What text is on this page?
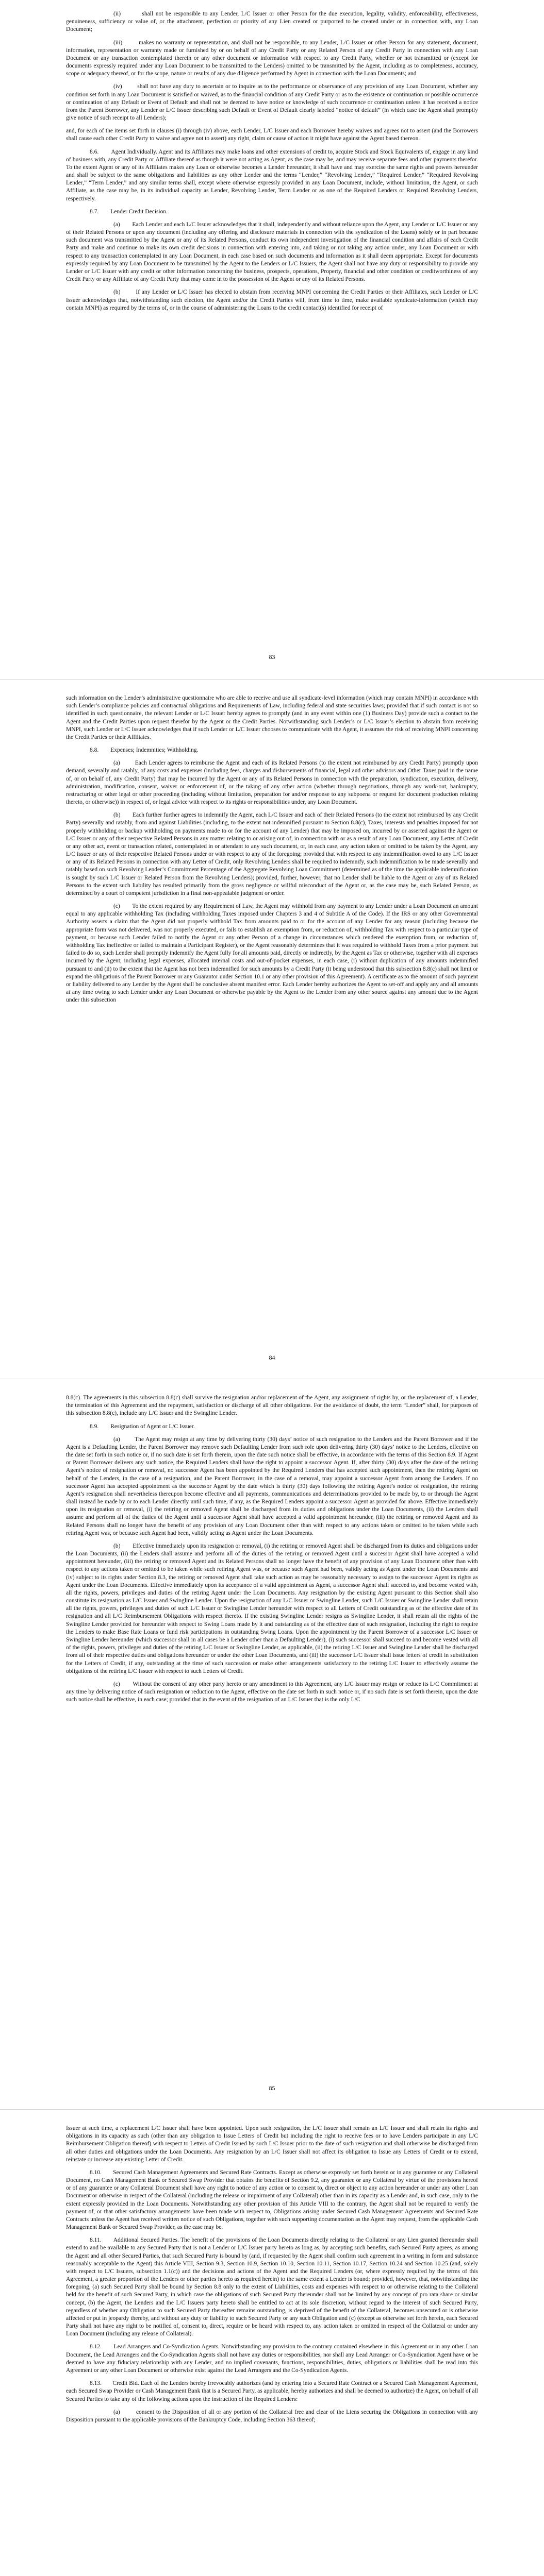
(ii)         shall not be responsible to any Lender, L/C Issuer or other Person for the due execution, legality, validity, enforceability, effectiveness, genuineness, sufficiency or value of, or the attachment, perfection or priority of any Lien created or purported to be created under or in connection with, any Loan Document;

(iii)        makes no warranty or representation, and shall not be responsible, to any Lender, L/C Issuer or other Person for any statement, document, information, representation or warranty made or furnished by or on behalf of any Credit Party or any Related Person of any Credit Party in connection with any Loan Document or any transaction contemplated therein or any other document or information with respect to any Credit Party, whether or not transmitted or (except for documents expressly required under any Loan Document to be transmitted to the Lenders) omitted to be transmitted by the Agent, including as to completeness, accuracy, scope or adequacy thereof, or for the scope, nature or results of any due diligence performed by Agent in connection with the Loan Documents; and

(iv)        shall not have any duty to ascertain or to inquire as to the performance or observance of any provision of any Loan Document, whether any condition set forth in any Loan Document is satisfied or waived, as to the financial condition of any Credit Party or as to the existence or continuation or possible occurrence or continuation of any Default or Event of Default and shall not be deemed to have notice or knowledge of such occurrence or continuation unless it has received a notice from the Parent Borrower, any Lender or L/C Issuer describing such Default or Event of Default clearly labeled “notice of default” (in which case the Agent shall promptly give notice of such receipt to all Lenders);

and, for each of the items set forth in clauses (i) through (iv) above, each Lender, L/C Issuer and each Borrower hereby waives and agrees not to assert (and the Borrowers shall cause each other Credit Party to waive and agree not to assert) any right, claim or cause of action it might have against the Agent based thereon.

8.6.        Agent Individually. Agent and its Affiliates may make loans and other extensions of credit to, acquire Stock and Stock Equivalents of, engage in any kind of business with, any Credit Party or Affiliate thereof as though it were not acting as Agent, as the case may be, and may receive separate fees and other payments therefor. To the extent Agent or any of its Affiliates makes any Loan or otherwise becomes a Lender hereunder, it shall have and may exercise the same rights and powers hereunder and shall be subject to the same obligations and liabilities as any other Lender and the terms “Lender,” “Revolving Lender,” “Required Lender,” “Required Revolving Lender,” “Term Lender,” and any similar terms shall, except where otherwise expressly provided in any Loan Document, include, without limitation, the Agent, or such Affiliate, as the case may be, in its individual capacity as Lender, Revolving Lender, Term Lender or as one of the Required Lenders or Required Revolving Lenders, respectively.

8.7.        Lender Credit Decision.

(a)        Each Lender and each L/C Issuer acknowledges that it shall, independently and without reliance upon the Agent, any Lender or L/C Issuer or any of their Related Persons or upon any document (including any offering and disclosure materials in connection with the syndication of the Loans) solely or in part because such document was transmitted by the Agent or any of its Related Persons, conduct its own independent investigation of the financial condition and affairs of each Credit Party and make and continue to make its own credit decisions in connection with entering into, and taking or not taking any action under, any Loan Document or with respect to any transaction contemplated in any Loan Document, in each case based on such documents and information as it shall deem appropriate. Except for documents expressly required by any Loan Document to be transmitted by the Agent to the Lenders or L/C Issuers, the Agent shall not have any duty or responsibility to provide any Lender or L/C Issuer with any credit or other information concerning the business, prospects, operations, Property, financial and other condition or creditworthiness of any Credit Party or any Affiliate of any Credit Party that may come in to the possession of the Agent or any of its Related Persons.

(b)        If any Lender or L/C Issuer has elected to abstain from receiving MNPI concerning the Credit Parties or their Affiliates, such Lender or L/C Issuer acknowledges that, notwithstanding such election, the Agent and/or the Credit Parties will, from time to time, make available syndicate-information (which may contain MNPI) as required by the terms of, or in the course of administering the Loans to the credit contact(s) identified for receipt of

83

such information on the Lender’s administrative questionnaire who are able to receive and use all syndicate-level information (which may contain MNPI) in accordance with such Lender’s compliance policies and contractual obligations and Requirements of Law, including federal and state securities laws; provided that if such contact is not so identified in such questionnaire, the relevant Lender or L/C Issuer hereby agrees to promptly (and in any event within one (1) Business Day) provide such a contact to the Agent and the Credit Parties upon request therefor by the Agent or the Credit Parties. Notwithstanding such Lender’s or L/C Issuer’s election to abstain from receiving MNPI, such Lender or L/C Issuer acknowledges that if such Lender or L/C Issuer chooses to communicate with the Agent, it assumes the risk of receiving MNPI concerning the Credit Parties or their Affiliates.

8.8.        Expenses; Indemnities; Withholding.

(a)        Each Lender agrees to reimburse the Agent and each of its Related Persons (to the extent not reimbursed by any Credit Party) promptly upon demand, severally and ratably, of any costs and expenses (including fees, charges and disbursements of financial, legal and other advisors and Other Taxes paid in the name of, or on behalf of, any Credit Party) that may be incurred by the Agent or any of its Related Persons in connection with the preparation, syndication, execution, delivery, administration, modification, consent, waiver or enforcement of, or the taking of any other action (whether through negotiations, through any work-out, bankruptcy, restructuring or other legal or other proceeding (including without limitation, preparation for and/or response to any subpoena or request for document production relating thereto, or otherwise)) in respect of, or legal advice with respect to its rights or responsibilities under, any Loan Document.

(b)        Each further further agrees to indemnify the Agent, each L/C Issuer and each of their Related Persons (to the extent not reimbursed by any Credit Party) severally and ratably, from and against Liabilities (including, to the extent not indemnified pursuant to Section 8.8(c), Taxes, interests and penalties imposed for not properly withholding or backup withholding on payments made to or for the account of any Lender) that may be imposed on, incurred by or asserted against the Agent or L/C Issuer or any of their respective Related Persons in any matter relating to or arising out of, in connection with or as a result of any Loan Document, any Letter of Credit or any other act, event or transaction related, contemplated in or attendant to any such document, or, in each case, any action taken or omitted to be taken by the Agent, any L/C Issuer or any of their respective Related Persons under or with respect to any of the foregoing; provided that with respect to any indemnification owed to any L/C Issuer or any of its Related Persons in connection with any Letter of Credit, only Revolving Lenders shall be required to indemnify, such indemnification to be made severally and ratably based on such Revolving Lender’s Commitment Percentage of the Aggregate Revolving Loan Commitment (determined as of the time the applicable indemnification is sought by such L/C Issuer or Related Person from the Revolving Lenders); provided, further, however, that no Lender shall be liable to the Agent or any of its Related Persons to the extent such liability has resulted primarily from the gross negligence or willful misconduct of the Agent or, as the case may be, such Related Person, as determined by a court of competent jurisdiction in a final non-appealable judgment or order.

(c)        To the extent required by any Requirement of Law, the Agent may withhold from any payment to any Lender under a Loan Document an amount equal to any applicable withholding Tax (including withholding Taxes imposed under Chapters 3 and 4 of Subtitle A of the Code). If the IRS or any other Governmental Authority asserts a claim that the Agent did not properly withhold Tax from amounts paid to or for the account of any Lender for any reason (including because the appropriate form was not delivered, was not properly executed, or fails to establish an exemption from, or reduction of, withholding Tax with respect to a particular type of payment, or because such Lender failed to notify the Agent or any other Person of a change in circumstances which rendered the exemption from, or reduction of, withholding Tax ineffective or failed to maintain a Participant Register), or the Agent reasonably determines that it was required to withhold Taxes from a prior payment but failed to do so, such Lender shall promptly indemnify the Agent fully for all amounts paid, directly or indirectly, by the Agent as Tax or otherwise, together with all expenses incurred by the Agent, including legal expenses, allocated internal costs and out-of-pocket expenses, in each case, (i) without duplication of any amounts indemnified pursuant to and (ii) to the extent that the Agent has not been indemnified for such amounts by a Credit Party (it being understood that this subsection 8.8(c) shall not limit or expand the obligations of the Parent Borrower or any Guarantor under Section 10.1 or any other provision of this Agreement). A certificate as to the amount of such payment or liability delivered to any Lender by the Agent shall be conclusive absent manifest error. Each Lender hereby authorizes the Agent to set-off and apply any and all amounts at any time owing to such Lender under any Loan Document or otherwise payable by the Agent to the Lender from any other source against any amount due to the Agent under this subsection

84

8.8(c). The agreements in this subsection 8.8(c) shall survive the resignation and/or replacement of the Agent, any assignment of rights by, or the replacement of, a Lender, the termination of this Agreement and the repayment, satisfaction or discharge of all other obligations. For the avoidance of doubt, the term “Lender” shall, for purposes of this subsection 8.8(c), include any L/C Issuer and the Swingline Lender.

8.9.        Resignation of Agent or L/C Issuer.

(a)        The Agent may resign at any time by delivering thirty (30) days’ notice of such resignation to the Lenders and the Parent Borrower and if the Agent is a Defaulting Lender, the Parent Borrower may remove such Defaulting Lender from such role upon delivering thirty (30) days’ notice to the Lenders, effective on the date set forth in such notice or, if no such date is set forth therein, upon the date such notice shall be effective, in accordance with the terms of this Section 8.9. If Agent or Parent Borrower delivers any such notice, the Required Lenders shall have the right to appoint a successor Agent. If, after thirty (30) days after the date of the retiring Agent’s notice of resignation or removal, no successor Agent has been appointed by the Required Lenders that has accepted such appointment, then the retiring Agent on behalf of the Lenders, in the case of a resignation, and the Parent Borrower, in the case of a removal, may appoint a successor Agent from among the Lenders. If no successor Agent has accepted appointment as the successor Agent by the date which is thirty (30) days following the retiring Agent’s notice of resignation, the retiring Agent’s resignation shall nevertheless thereupon become effective and all payments, communications and determinations provided to be made by, to or through the Agent shall instead be made by or to each Lender directly until such time, if any, as the Required Lenders appoint a successor Agent as provided for above. Effective immediately upon its resignation or removal, (i) the retiring or removed Agent shall be discharged from its duties and obligations under the Loan Documents, (ii) the Lenders shall assume and perform all of the duties of the Agent until a successor Agent shall have accepted a valid appointment hereunder, (iii) the retiring or removed Agent and its Related Persons shall no longer have the benefit of any provision of any Loan Document other than with respect to any actions taken or omitted to be taken while such retiring Agent was, or because such Agent had been, validly acting as Agent under the Loan Documents.

(b)        Effective immediately upon its resignation or removal, (i) the retiring or removed Agent shall be discharged from its duties and obligations under the Loan Documents, (ii) the Lenders shall assume and perform all of the duties of the retiring or removed Agent until a successor Agent shall have accepted a valid appointment hereunder, (iii) the retiring or removed Agent and its Related Persons shall no longer have the benefit of any provision of any Loan Document other than with respect to any actions taken or omitted to be taken while such retiring Agent was, or because such Agent had been, validly acting as Agent under the Loan Documents and (iv) subject to its rights under Section 8.3, the retiring or removed Agent shall take such action as may be reasonably necessary to assign to the successor Agent its rights as Agent under the Loan Documents. Effective immediately upon its acceptance of a valid appointment as Agent, a successor Agent shall succeed to, and become vested with, all the rights, powers, privileges and duties of the retiring Agent under the Loan Documents. Any resignation by the existing Agent pursuant to this Section shall also constitute its resignation as L/C Issuer and Swingline Lender. Upon the resignation of any L/C Issuer or Swingline Lender, such L/C Issuer or Swingline Lender shall retain all the rights, powers, privileges and duties of such L/C Issuer or Swingline Lender hereunder with respect to all Letters of Credit outstanding as of the effective date of its resignation and all L/C Reimbursement Obligations with respect thereto. If the existing Swingline Lender resigns as Swingline Lender, it shall retain all the rights of the Swingline Lender provided for hereunder with respect to Swing Loans made by it and outstanding as of the effective date of such resignation, including the right to require the Lenders to make Base Rate Loans or fund risk participations in outstanding Swing Loans. Upon the appointment by the Parent Borrower of a successor L/C Issuer or Swingline Lender hereunder (which successor shall in all cases be a Lender other than a Defaulting Lender), (i) such successor shall succeed to and become vested with all of the rights, powers, privileges and duties of the retiring L/C Issuer or Swingline Lender, as applicable, (ii) the retiring L/C Issuer and Swingline Lender shall be discharged from all of their respective duties and obligations hereunder or under the other Loan Documents, and (iii) the successor L/C Issuer shall issue letters of credit in substitution for the Letters of Credit, if any, outstanding at the time of such succession or make other arrangements satisfactory to the retiring L/C Issuer to effectively assume the obligations of the retiring L/C Issuer with respect to such Letters of Credit.

(c)        Without the consent of any other party hereto or any amendment to this Agreement, any L/C Issuer may resign or reduce its L/C Commitment at any time by delivering notice of such resignation or reduction to the Agent, effective on the date set forth in such notice or, if no such date is set forth therein, upon the date such notice shall be effective, in each case; provided that in the event of the resignation of an L/C Issuer that is the only L/C

85

Issuer at such time, a replacement L/C Issuer shall have been appointed. Upon such resignation, the L/C Issuer shall remain an L/C Issuer and shall retain its rights and obligations in its capacity as such (other than any obligation to Issue Letters of Credit but including the right to receive fees or to have Lenders participate in any L/C Reimbursement Obligation thereof) with respect to Letters of Credit Issued by such L/C Issuer prior to the date of such resignation and shall otherwise be discharged from all other duties and obligations under the Loan Documents. Any resignation by an L/C Issuer shall not affect its obligation to Issue any Letters of Credit or to extend, reinstate or increase any existing Letter of Credit.

8.10.       Secured Cash Management Agreements and Secured Rate Contracts. Except as otherwise expressly set forth herein or in any guarantee or any Collateral Document, no Cash Management Bank or Secured Swap Provider that obtains the benefits of Section 9.2, any guarantee or any Collateral by virtue of the provisions hereof or of any guarantee or any Collateral Document shall have any right to notice of any action or to consent to, direct or object to any action hereunder or under any other Loan Document or otherwise in respect of the Collateral (including the release or impairment of any Collateral) other than in its capacity as a Lender and, in such case, only to the extent expressly provided in the Loan Documents. Notwithstanding any other provision of this Article VIII to the contrary, the Agent shall not be required to verify the payment of, or that other satisfactory arrangements have been made with respect to, Obligations arising under Secured Cash Management Agreements and Secured Rate Contracts unless the Agent has received written notice of such Obligations, together with such supporting documentation as the Agent may request, from the applicable Cash Management Bank or Secured Swap Provider, as the case may be.

8.11.       Additional Secured Parties. The benefit of the provisions of the Loan Documents directly relating to the Collateral or any Lien granted thereunder shall extend to and be available to any Secured Party that is not a Lender or L/C Issuer party hereto as long as, by accepting such benefits, such Secured Party agrees, as among the Agent and all other Secured Parties, that such Secured Party is bound by (and, if requested by the Agent shall confirm such agreement in a writing in form and substance reasonably acceptable to the Agent) this Article VIII, Section 9.3, Section 10.9, Section 10.10, Section 10.11, Section 10.17, Section 10.24 and Section 10.25 (and, solely with respect to L/C Issuers, subsection 1.1(c)) and the decisions and actions of the Agent and the Required Lenders (or, where expressly required by the terms of this Agreement, a greater proportion of the Lenders or other parties hereto as required herein) to the same extent a Lender is bound; provided, however, that, notwithstanding the foregoing, (a) such Secured Party shall be bound by Section 8.8 only to the extent of Liabilities, costs and expenses with respect to or otherwise relating to the Collateral held for the benefit of such Secured Party, in which case the obligations of such Secured Party thereunder shall not be limited by any concept of pro rata share or similar concept, (b) the Agent, the Lenders and the L/C Issuers party hereto shall be entitled to act at its sole discretion, without regard to the interest of such Secured Party, regardless of whether any Obligation to such Secured Party thereafter remains outstanding, is deprived of the benefit of the Collateral, becomes unsecured or is otherwise affected or put in jeopardy thereby, and without any duty or liability to such Secured Party or any such Obligation and (c) (except as otherwise set forth herein, each Secured Party shall not have any right to be notified of, consent to, direct, require or be heard with respect to, any action taken or omitted in respect of the Collateral or under any Loan Document (including any release of Collateral).

8.12.       Lead Arrangers and Co-Syndication Agents. Notwithstanding any provision to the contrary contained elsewhere in this Agreement or in any other Loan Document, the Lead Arrangers and the Co-Syndication Agents shall not have any duties or responsibilities, nor shall any Lead Arranger or Co-Syndication Agent have or be deemed to have any fiduciary relationship with any Lender, and no implied covenants, functions, responsibilities, duties, obligations or liabilities shall be read into this Agreement or any other Loan Document or otherwise exist against the Lead Arrangers and the Co-Syndication Agents.

8.13.       Credit Bid. Each of the Lenders hereby irrevocably authorizes (and by entering into a Secured Rate Contract or a Secured Cash Management Agreement, each Secured Swap Provider or Cash Management Bank that is a Secured Party, as applicable, hereby authorizes and shall be deemed to authorize) the Agent, on behalf of all Secured Parties to take any of the following actions upon the instruction of the Required Lenders:

(a)        consent to the Disposition of all or any portion of the Collateral free and clear of the Liens securing the Obligations in connection with any Disposition pursuant to the applicable provisions of the Bankruptcy Code, including Section 363 thereof;
